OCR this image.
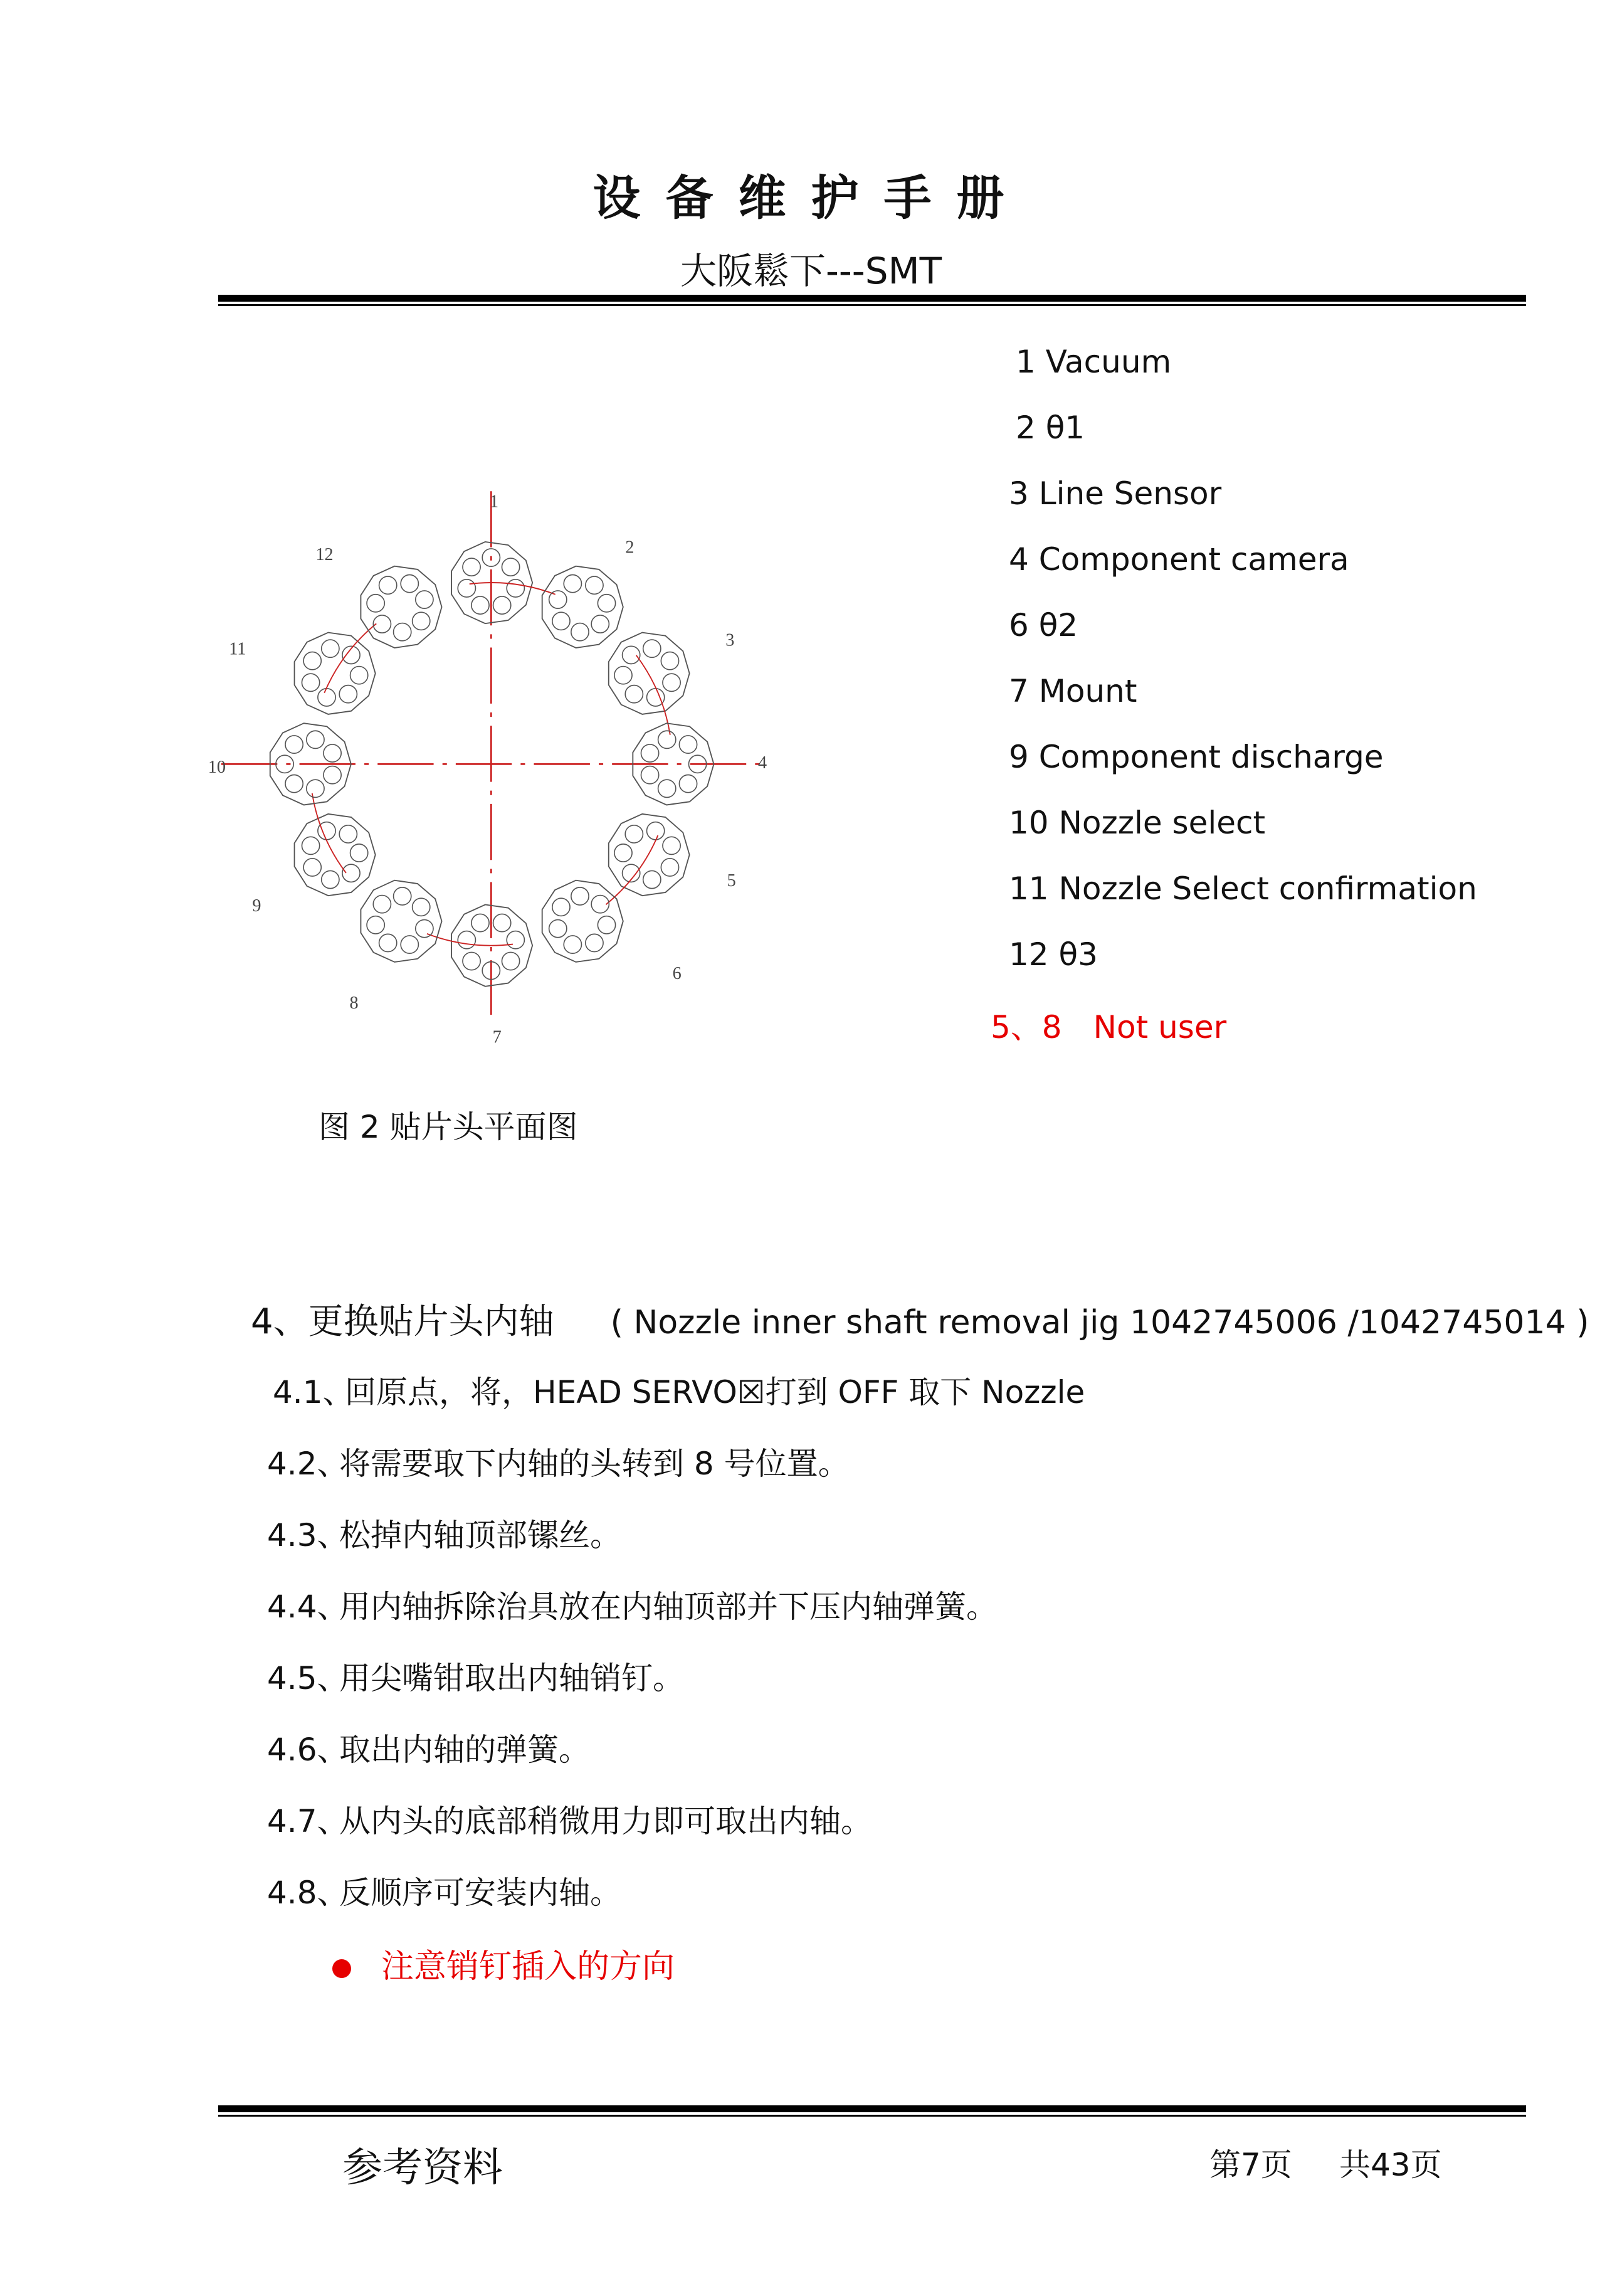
设备维护手册
大阪鬆下---SMT
1
2
3
4
5
6
7
8
9
10
11
12
1 Vacuum
2 θ1
3 Line Sensor
4 Component camera
6 θ2
7 Mount
9 Component discharge
10 Nozzle select
11 Nozzle Select confirmation
12 θ3
5、8 Not user
图 2 贴片头平面图
4、更换贴片头内轴 ( Nozzle inner shaft removal jig 1042745006 /1042745014 )
4.1、回原点，将，HEAD SERVO☒打到 OFF 取下 Nozzle
4.2、将需要取下内轴的头转到 8 号位置。
4.3、松掉内轴顶部镙丝。
4.4、用内轴拆除治具放在内轴顶部并下压内轴弹簧。
4.5、用尖嘴钳取出内轴销钉。
4.6、取出内轴的弹簧。
4.7、从内头的底部稍微用力即可取出内轴。
4.8、反顺序可安装内轴。
注意销钉插入的方向
参考资料	第7页 共43页
